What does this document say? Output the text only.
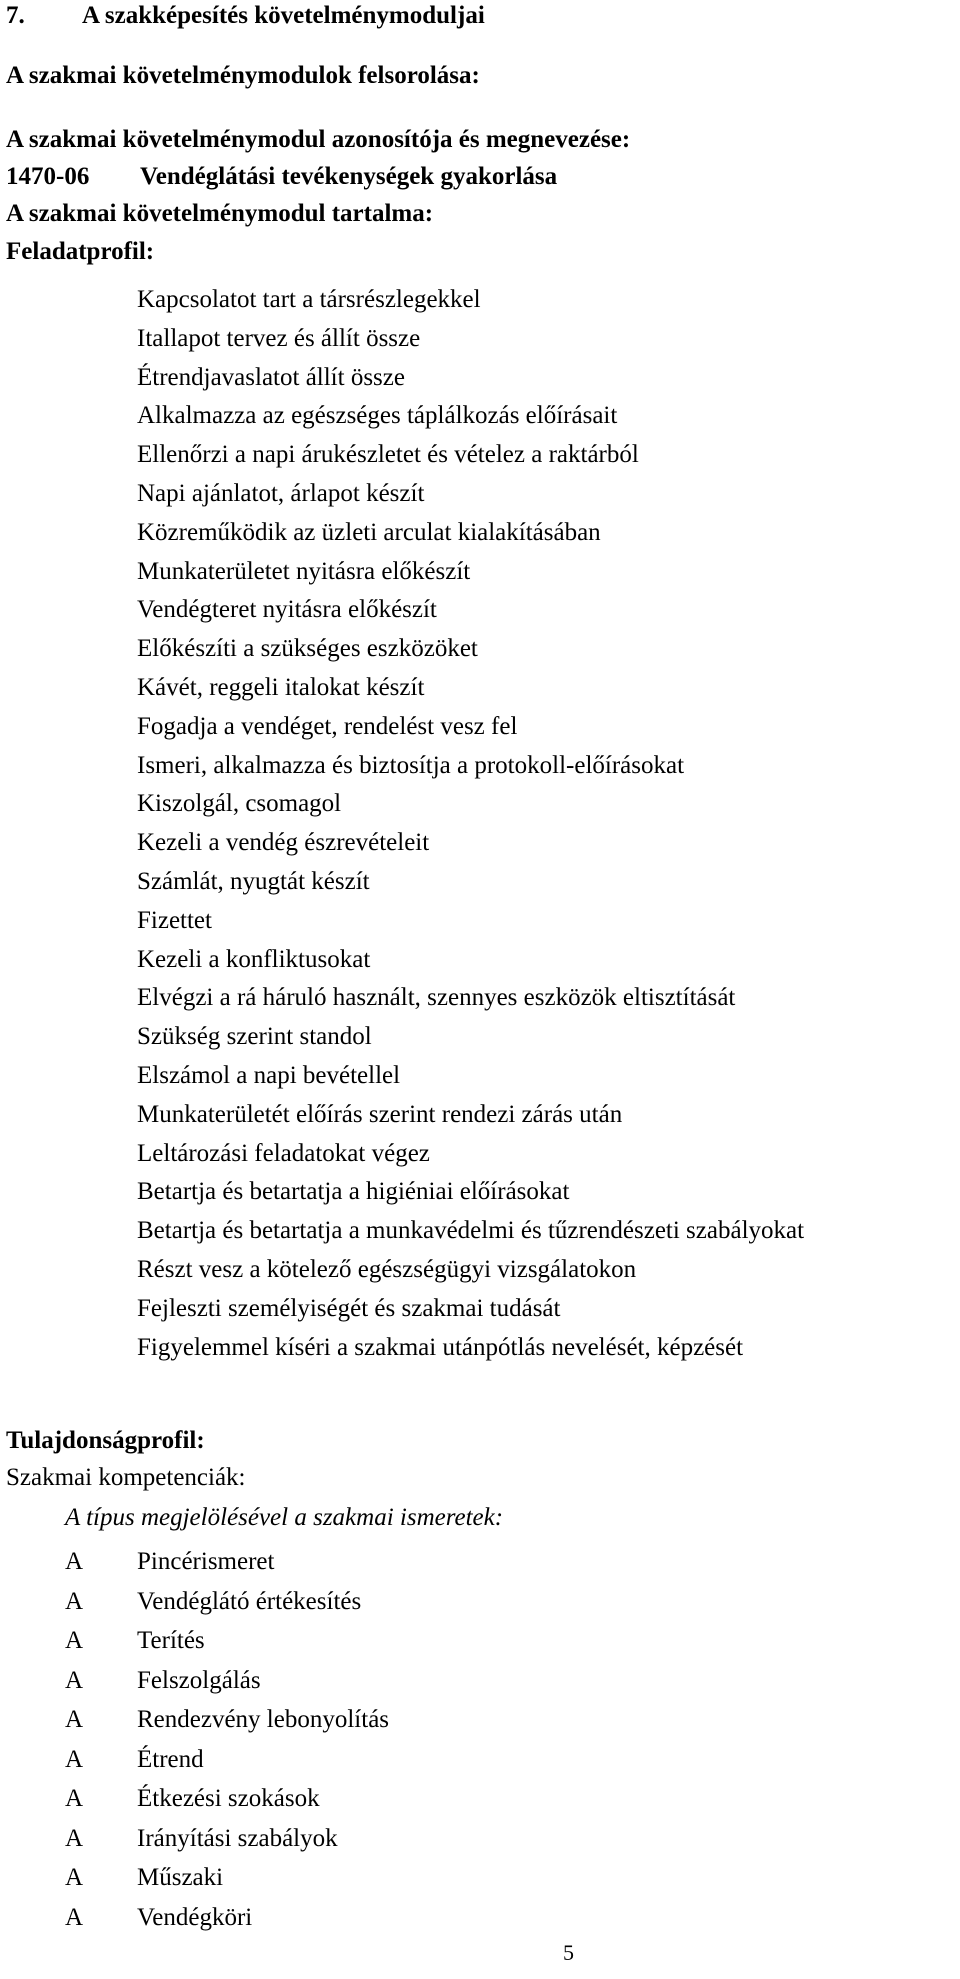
7. A szakképesítés követelménymoduljai
A szakmai követelménymodulok felsorolása:
A szakmai követelménymodul azonosítója és megnevezése:
1470-06 Vendéglátási tevékenységek gyakorlása
A szakmai követelménymodul tartalma:
Feladatprofil:
Kapcsolatot tart a társrészlegekkel
Itallapot tervez és állít össze
Étrendjavaslatot állít össze
Alkalmazza az egészséges táplálkozás előírásait
Ellenőrzi a napi árukészletet és vételez a raktárból
Napi ajánlatot, árlapot készít
Közreműködik az üzleti arculat kialakításában
Munkaterületet nyitásra előkészít
Vendégteret nyitásra előkészít
Előkészíti a szükséges eszközöket
Kávét, reggeli italokat készít
Fogadja a vendéget, rendelést vesz fel
Ismeri, alkalmazza és biztosítja a protokoll-előírásokat
Kiszolgál, csomagol
Kezeli a vendég észrevételeit
Számlát, nyugtát készít
Fizettet
Kezeli a konfliktusokat
Elvégzi a rá háruló használt, szennyes eszközök eltisztítását
Szükség szerint standol
Elszámol a napi bevétellel
Munkaterületét előírás szerint rendezi zárás után
Leltározási feladatokat végez
Betartja és betartatja a higiéniai előírásokat
Betartja és betartatja a munkavédelmi és tűzrendészeti szabályokat
Részt vesz a kötelező egészségügyi vizsgálatokon
Fejleszti személyiségét és szakmai tudását
Figyelemmel kíséri a szakmai utánpótlás nevelését, képzését
Tulajdonságprofil:
Szakmai kompetenciák:
A típus megjelölésével a szakmai ismeretek:
A Pincérismeret
A Vendéglátó értékesítés
A Terítés
A Felszolgálás
A Rendezvény lebonyolítás
A Étrend
A Étkezési szokások
A Irányítási szabályok
A Műszaki
A Vendégköri
5
